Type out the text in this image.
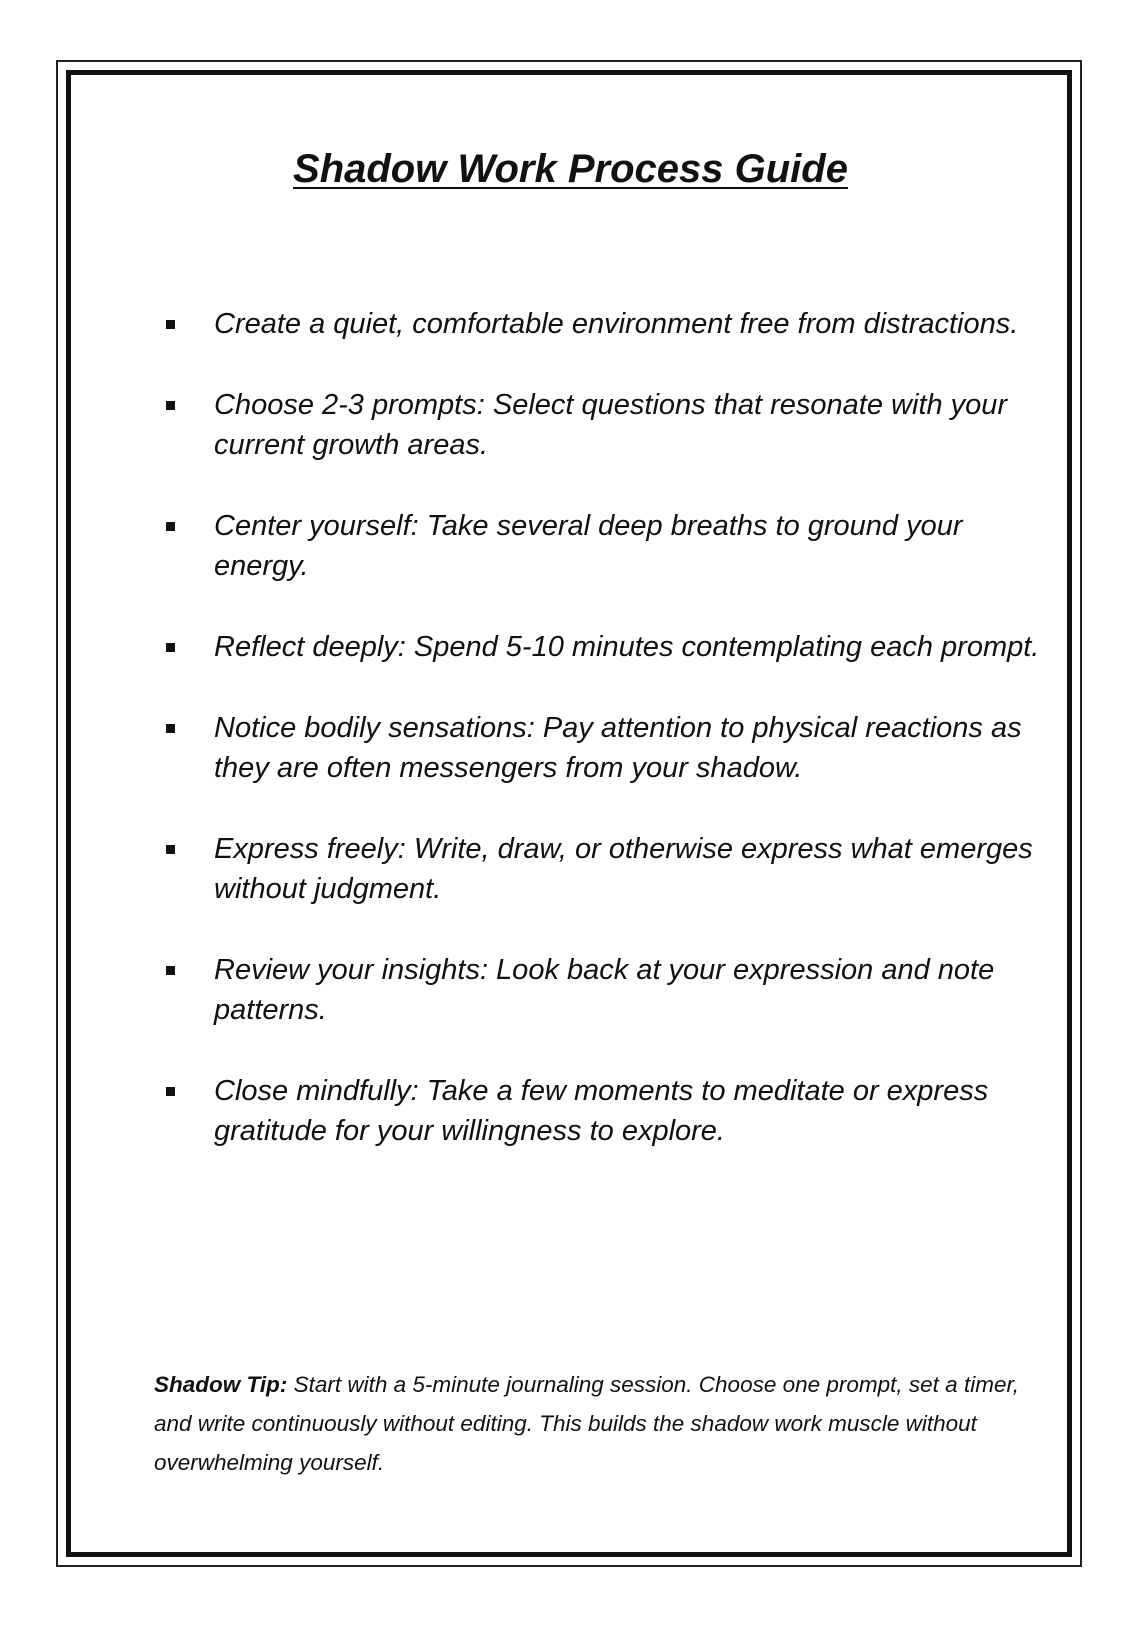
Shadow Work Process Guide
Create a quiet, comfortable environment free from distractions.
Choose 2-3 prompts: Select questions that resonate with your current growth areas.
Center yourself: Take several deep breaths to ground your energy.
Reflect deeply: Spend 5-10 minutes contemplating each prompt.
Notice bodily sensations: Pay attention to physical reactions as they are often messengers from your shadow.
Express freely: Write, draw, or otherwise express what emerges without judgment.
Review your insights: Look back at your expression and note patterns.
Close mindfully: Take a few moments to meditate or express gratitude for your willingness to explore.

Shadow Tip: Start with a 5-minute journaling session. Choose one prompt, set a timer, and write continuously without editing. This builds the shadow work muscle without overwhelming yourself.
